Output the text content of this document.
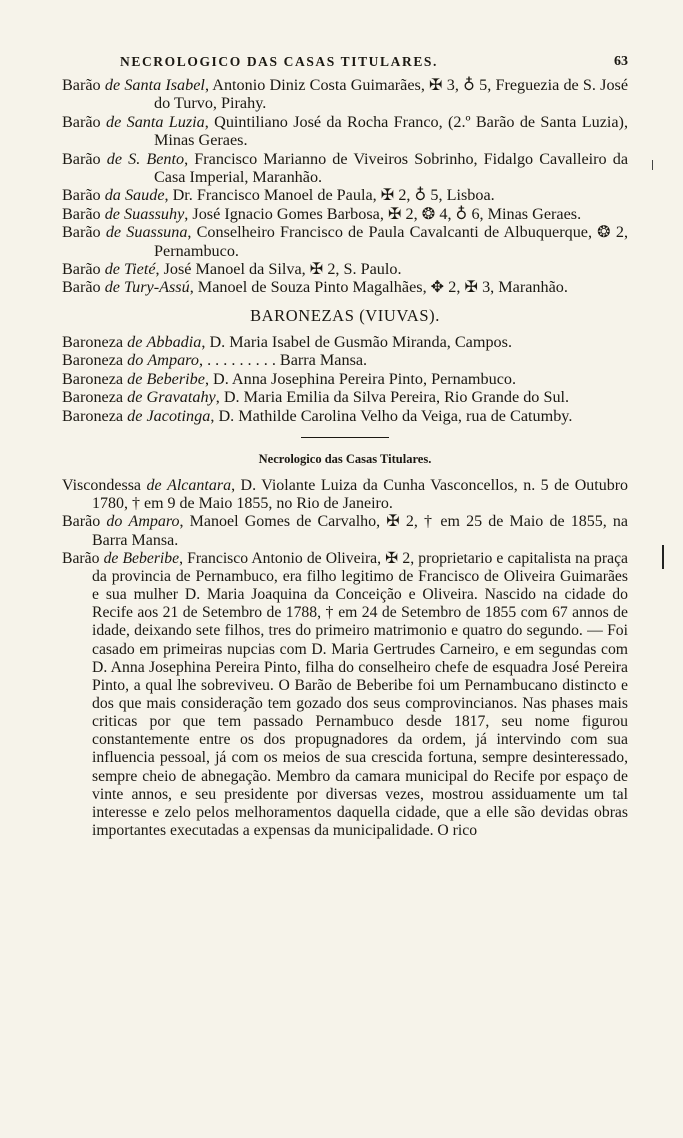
NECROLOGICO DAS CASAS TITULARES.	63

Barão de Santa Isabel, Antonio Diniz Costa Guimarães, ✠ 3, ♁ 5, Freguezia de S. José do Turvo, Pirahy.

Barão de Santa Luzia, Quintiliano José da Rocha Franco, (2.º Barão de Santa Luzia), Minas Geraes.

Barão de S. Bento, Francisco Marianno de Viveiros Sobrinho, Fidalgo Cavalleiro da Casa Imperial, Maranhão.

Barão da Saude, Dr. Francisco Manoel de Paula, ✠ 2, ♁ 5, Lisboa.

Barão de Suassuhy, José Ignacio Gomes Barbosa, ✠ 2, ❂ 4, ♁ 6, Minas Geraes.

Barão de Suassuna, Conselheiro Francisco de Paula Cavalcanti de Albuquerque, ❂ 2, Pernambuco.

Barão de Tieté, José Manoel da Silva, ✠ 2, S. Paulo.

Barão de Tury-Assú, Manoel de Souza Pinto Magalhães, ✥ 2, ✠ 3, Maranhão.

BARONEZAS (VIUVAS).

Baroneza de Abbadia, D. Maria Isabel de Gusmão Miranda, Campos.

Baroneza do Amparo, . . . . . . . . . Barra Mansa.

Baroneza de Beberibe, D. Anna Josephina Pereira Pinto, Pernambuco.

Baroneza de Gravatahy, D. Maria Emilia da Silva Pereira, Rio Grande do Sul.

Baroneza de Jacotinga, D. Mathilde Carolina Velho da Veiga, rua de Catumby.

Necrologico das Casas Titulares.

Viscondessa de Alcantara, D. Violante Luiza da Cunha Vasconcellos, n. 5 de Outubro 1780, † em 9 de Maio 1855, no Rio de Janeiro.

Barão do Amparo, Manoel Gomes de Carvalho, ✠ 2, † em 25 de Maio de 1855, na Barra Mansa.

Barão de Beberibe, Francisco Antonio de Oliveira, ✠ 2, proprietario e capitalista na praça da provincia de Pernambuco, era filho legitimo de Francisco de Oliveira Guimarães e sua mulher D. Maria Joaquina da Conceição e Oliveira. Nascido na cidade do Recife aos 21 de Setembro de 1788, † em 24 de Setembro de 1855 com 67 annos de idade, deixando sete filhos, tres do primeiro matrimonio e quatro do segundo. — Foi casado em primeiras nupcias com D. Maria Gertrudes Carneiro, e em segundas com D. Anna Josephina Pereira Pinto, filha do conselheiro chefe de esquadra José Pereira Pinto, a qual lhe sobreviveu. O Barão de Beberibe foi um Pernambucano distincto e dos que mais consideração tem gozado dos seus comprovincianos. Nas phases mais criticas por que tem passado Pernambuco desde 1817, seu nome figurou constantemente entre os dos propugnadores da ordem, já intervindo com sua influencia pessoal, já com os meios de sua crescida fortuna, sempre desinteressado, sempre cheio de abnegação. Membro da camara municipal do Recife por espaço de vinte annos, e seu presidente por diversas vezes, mostrou assiduamente um tal interesse e zelo pelos melhoramentos daquella cidade, que a elle são devidas obras importantes executadas a expensas da municipalidade. O rico
